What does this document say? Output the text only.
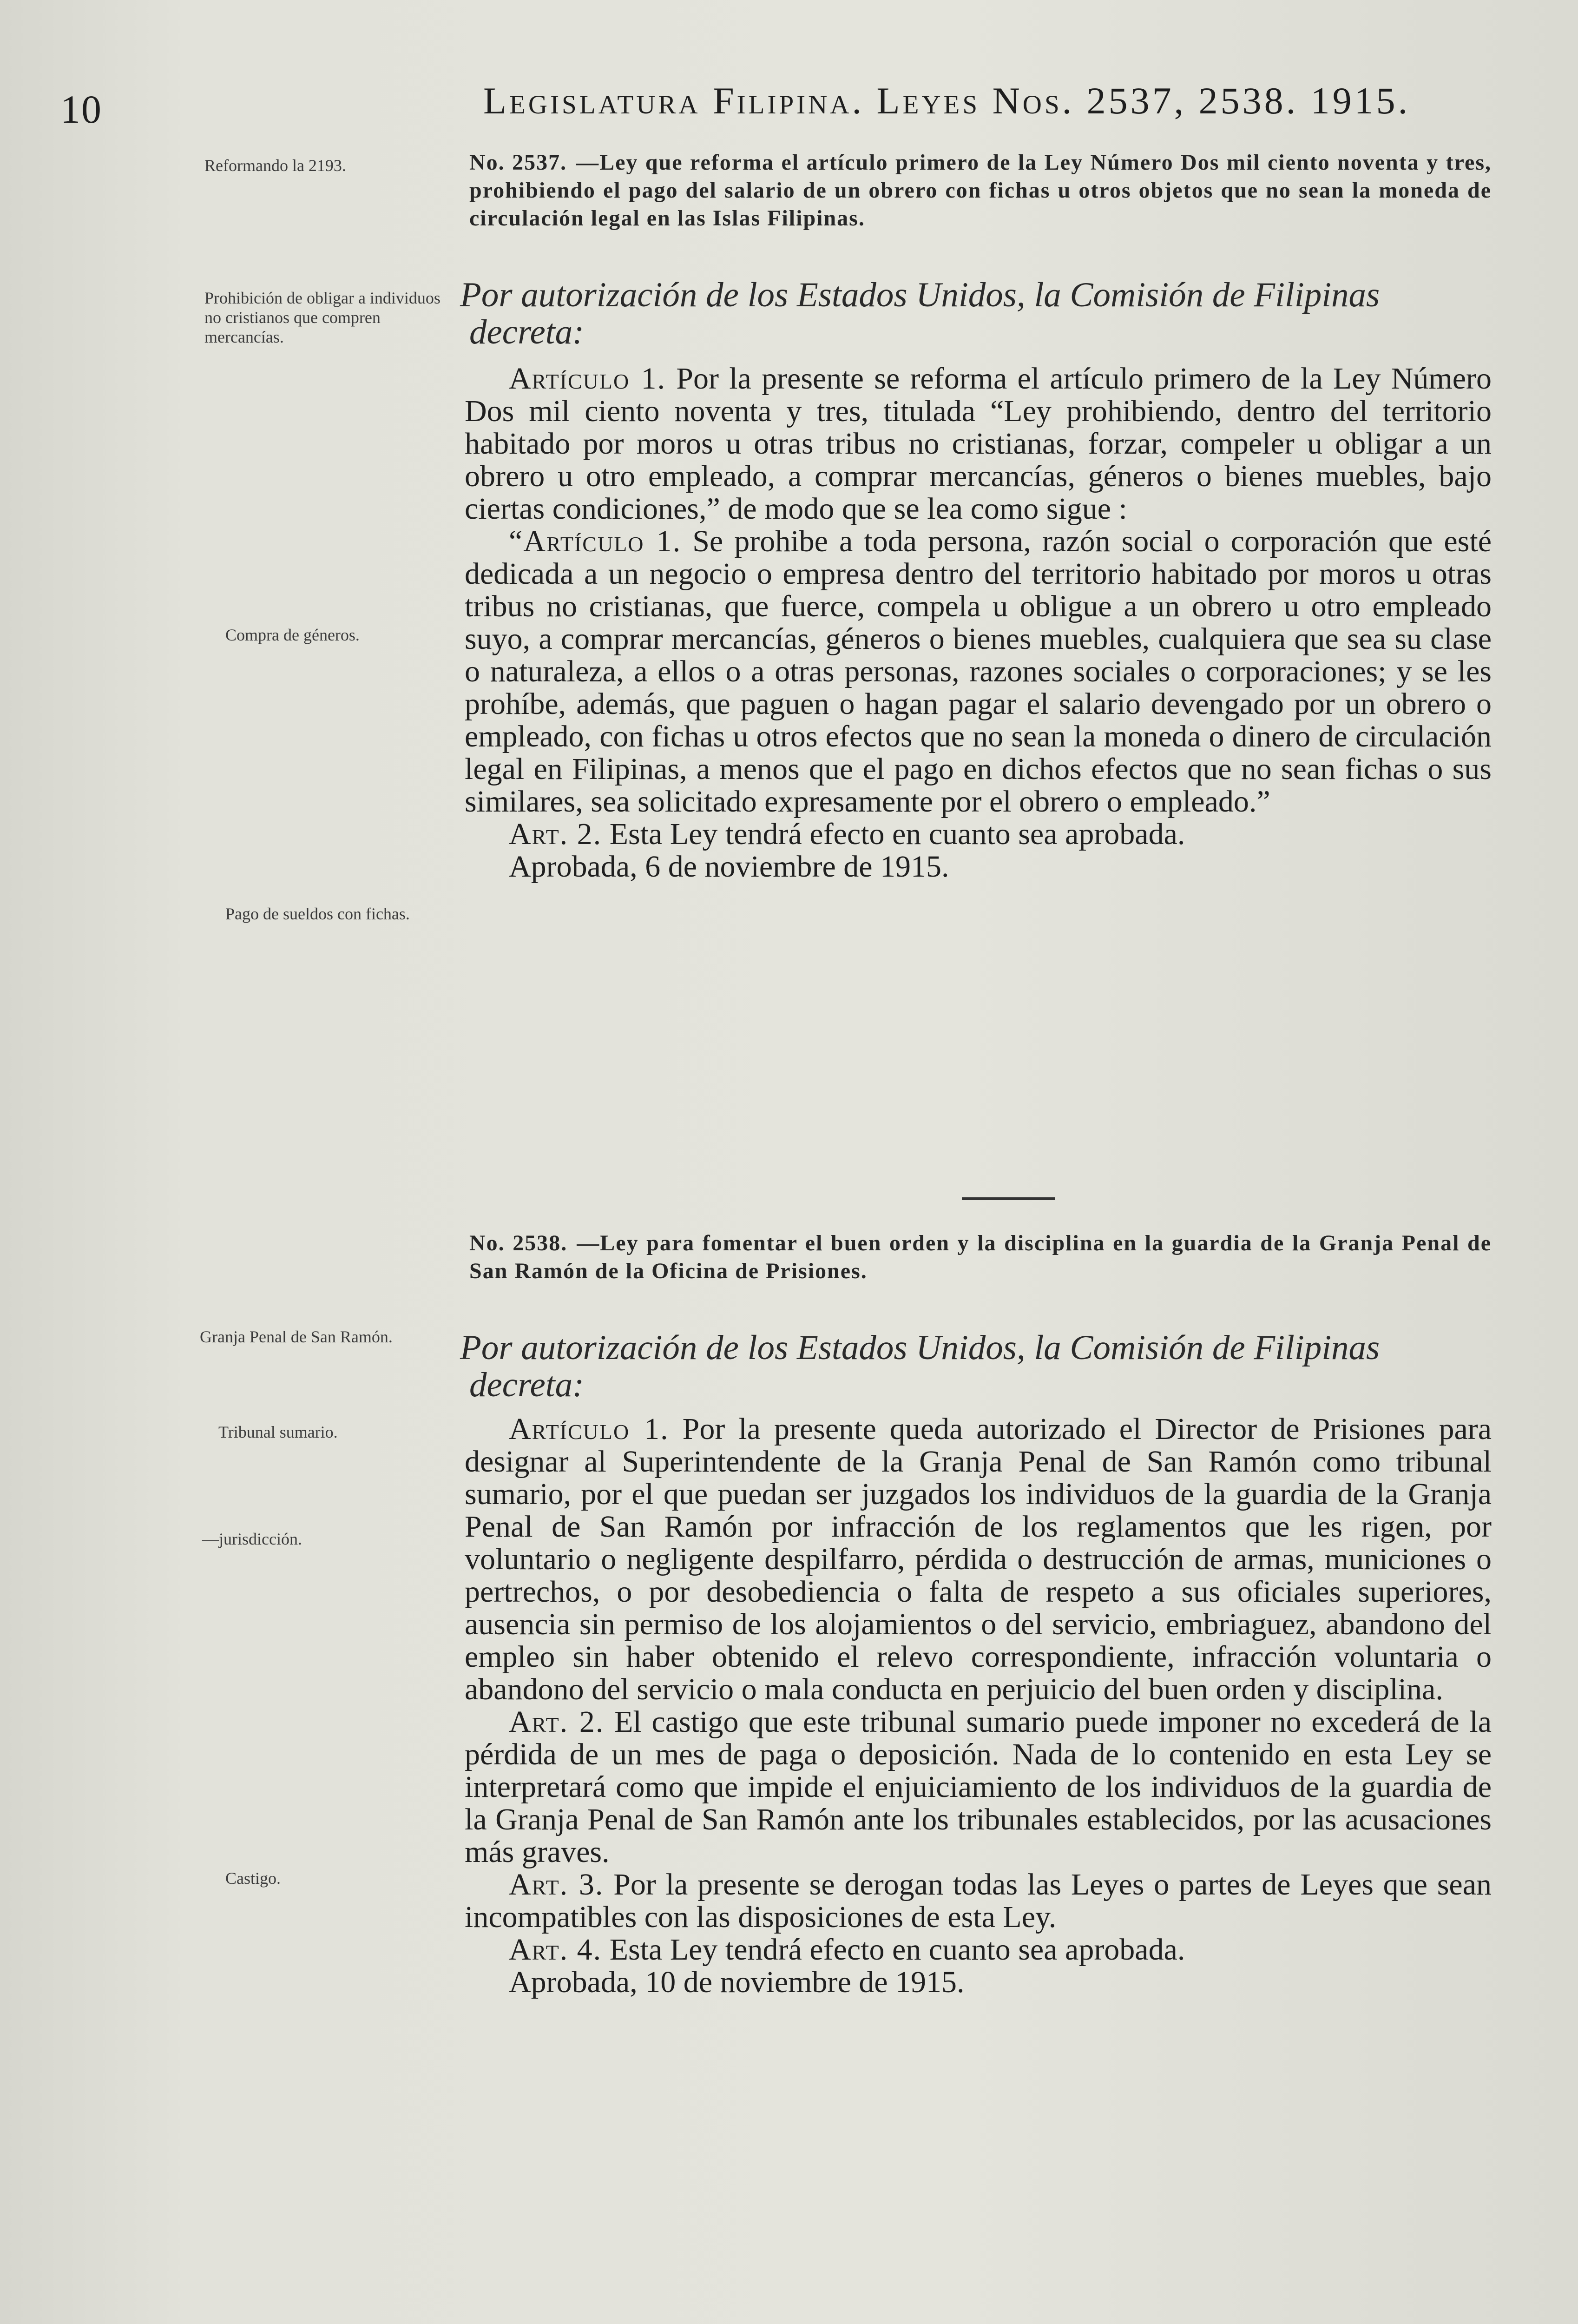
10	Legislatura Filipina. Leyes Nos. 2537, 2538. 1915.
Reformando la 2193.
Prohibición de obligar a individuos no cristianos que compren mercancías.
Compra de géneros.
Pago de sueldos con fichas.
Granja Penal de San Ramón.
Tribunal sumario.
—jurisdicción.
Castigo.
No. 2537. —Ley que reforma el artículo primero de la Ley Número Dos mil ciento noventa y tres, prohibiendo el pago del salario de un obrero con fichas u otros objetos que no sean la moneda de circulación legal en las Islas Filipinas.
Por autorización de los Estados Unidos, la Comisión de Filipinas decreta:

Artículo 1. Por la presente se reforma el artículo primero de la Ley Número Dos mil ciento noventa y tres, titulada “Ley prohibiendo, dentro del territorio habitado por moros u otras tribus no cristianas, forzar, compeler u obligar a un obrero u otro empleado, a comprar mercancías, géneros o bienes muebles, bajo ciertas condiciones,” de modo que se lea como sigue :

“Artículo 1. Se prohibe a toda persona, razón social o corporación que esté dedicada a un negocio o empresa dentro del territorio habitado por moros u otras tribus no cristianas, que fuerce, compela u obligue a un obrero u otro empleado suyo, a comprar mercancías, géneros o bienes muebles, cualquiera que sea su clase o naturaleza, a ellos o a otras personas, razones sociales o corporaciones; y se les prohíbe, además, que paguen o hagan pagar el salario devengado por un obrero o empleado, con fichas u otros efectos que no sean la moneda o dinero de circulación legal en Filipinas, a menos que el pago en dichos efectos que no sean fichas o sus similares, sea solicitado expresamente por el obrero o empleado.”

Art. 2. Esta Ley tendrá efecto en cuanto sea aprobada.

Aprobada, 6 de noviembre de 1915.

No. 2538. —Ley para fomentar el buen orden y la disciplina en la guardia de la Granja Penal de San Ramón de la Oficina de Prisiones.
Por autorización de los Estados Unidos, la Comisión de Filipinas decreta:

Artículo 1. Por la presente queda autorizado el Director de Prisiones para designar al Superintendente de la Granja Penal de San Ramón como tribunal sumario, por el que puedan ser juzgados los individuos de la guardia de la Granja Penal de San Ramón por infracción de los reglamentos que les rigen, por voluntario o negligente despilfarro, pérdida o destrucción de armas, municiones o pertrechos, o por desobediencia o falta de respeto a sus oficiales superiores, ausencia sin permiso de los alojamientos o del servicio, embriaguez, abandono del empleo sin haber obtenido el relevo correspondiente, infracción voluntaria o abandono del servicio o mala conducta en perjuicio del buen orden y disciplina.

Art. 2. El castigo que este tribunal sumario puede imponer no excederá de la pérdida de un mes de paga o deposición. Nada de lo contenido en esta Ley se interpretará como que impide el enjuiciamiento de los individuos de la guardia de la Granja Penal de San Ramón ante los tribunales establecidos, por las acusaciones más graves.

Art. 3. Por la presente se derogan todas las Leyes o partes de Leyes que sean incompatibles con las disposiciones de esta Ley.

Art. 4. Esta Ley tendrá efecto en cuanto sea aprobada.

Aprobada, 10 de noviembre de 1915.
